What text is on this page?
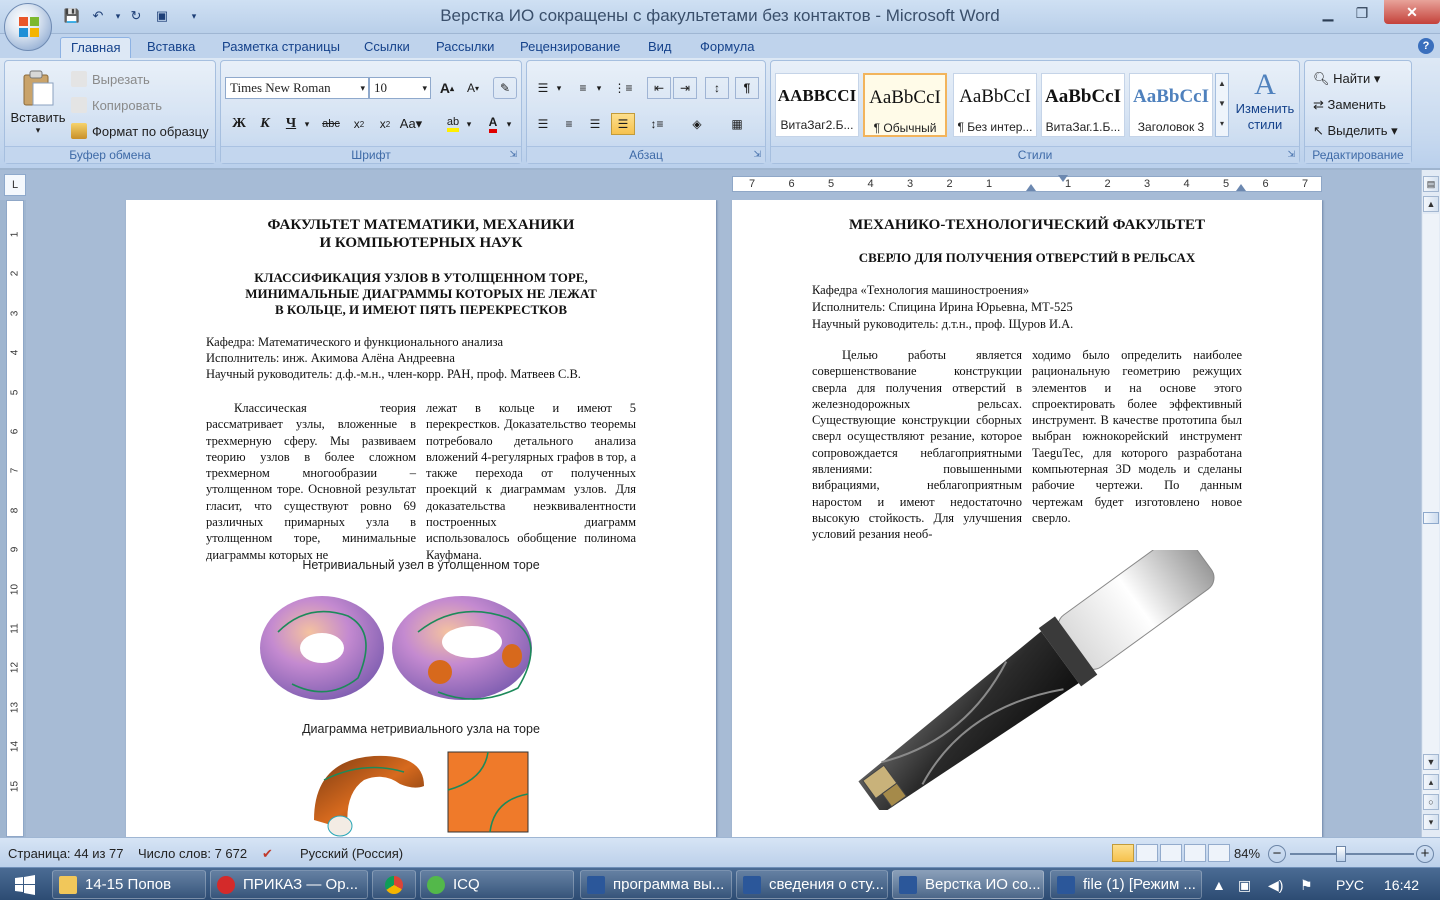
💾 ↶	▾ ↻	▣	▾	Верстка ИО сокращены с факультетами без контактов - Microsoft Word	▁	❐	✕
Главная	Вставка	Разметка страницы	Ссылки	Рассылки	Рецензирование	Вид	Формула	?
Вставить
▾
Вырезать
Копировать
Формат по образцу
Буфер обмена
Times New Roman	▾ 10	▾ A ▴	A ▾	✎
Ж	К	Ч ▾	abc	x 2	x 2 Aa▾ ab ▾	A	▾
Шрифт	⇲
☰ ▾	≡	▾	⋮≡	⇤	⇥	↕	¶
☰	≡	☰	☰	↕≡	◈	▦
Абзац	⇲
AABBCCI
ВитаЗаг2.Б...
AaBbCcI
¶ Обычный
AaBbCcI
¶ Без интер...
AaBbCcI
ВитаЗаг.1.Б...
AaBbCcI
Заголовок 3
▲
▼
▾
A
Изменить стили
Стили	⇲
🔍︎ Найти ▾
⇄ Заменить
↖ Выделить ▾
Редактирование
L	7	6	5	4	3	2	1	1	2	3	4	5	6	7
1
2
3
4
5
6
7
8
9
10
11
12
13
14
15
ФАКУЛЬТЕТ МАТЕМАТИКИ, МЕХАНИКИ
И КОМПЬЮТЕРНЫХ НАУК
КЛАССИФИКАЦИЯ УЗЛОВ В УТОЛЩЕННОМ ТОРЕ,
МИНИМАЛЬНЫЕ ДИАГРАММЫ КОТОРЫХ НЕ ЛЕЖАТ
В КОЛЬЦЕ, И ИМЕЮТ ПЯТЬ ПЕРЕКРЕСТКОВ
Кафедра: Математического и функционального анализа
Исполнитель: инж. Акимова Алёна Андреевна
Научный руководитель: д.ф.-м.н., член-корр. РАН, проф. Матвеев С.В.
Классическая теория рассматривает узлы, вложенные в трехмерную сферу. Мы развиваем теорию узлов в более сложном трехмерном многообразии – утолщенном торе. Основной результат гласит, что существуют ровно 69 различных примарных узла в утолщенном торе, минимальные диаграммы которых не
лежат в кольце и имеют 5 перекрестков. Доказательство теоремы потребовало детального анализа вложений 4-регулярных графов в тор, а также перехода от полученных проекций к диаграммам узлов. Для доказательства неэквивалентности построенных диаграмм использовалось обобщение полинома Кауфмана.
Нетривиальный узел в утолщенном торе
Диаграмма нетривиального узла на торе
МЕХАНИКО-ТЕХНОЛОГИЧЕСКИЙ ФАКУЛЬТЕТ
СВЕРЛО ДЛЯ ПОЛУЧЕНИЯ ОТВЕРСТИЙ В РЕЛЬСАХ
Кафедра «Технология машиностроения»
Исполнитель: Спицина Ирина Юрьевна, МТ-525
Научный руководитель: д.т.н., проф. Щуров И.А.
Целью работы является совершенствование конструкции сверла для получения отверстий в железнодорожных рельсах. Существующие конструкции сборных сверл осуществляют резание, которое сопровождается неблагоприятными явлениями: повышенными вибрациями, неблагоприятным наростом и имеют недостаточно высокую стойкость. Для улучшения условий резания необ-
ходимо было определить наиболее рациональную геометрию режущих элементов и на основе этого спроектировать более эффективный инструмент. В качестве прототипа был выбран южнокорейский инструмент TaeguTec, для которого разработана компьютерная 3D модель и сделаны рабочие чертежи. По данным чертежам будет изготовлено новое сверло.
▤
▲
▼
▴
○
▾
Страница: 44 из 77 Число слов: 7 672 ✔︎ Русский (Россия)	84% −	+
14-15 Попов	ПРИКАЗ — Ор...	ICQ	программа вы...	сведения о сту...	Верстка ИО со...	file (1) [Режим ...	▲ ▣ ◀) ⚑ РУС 16:42
